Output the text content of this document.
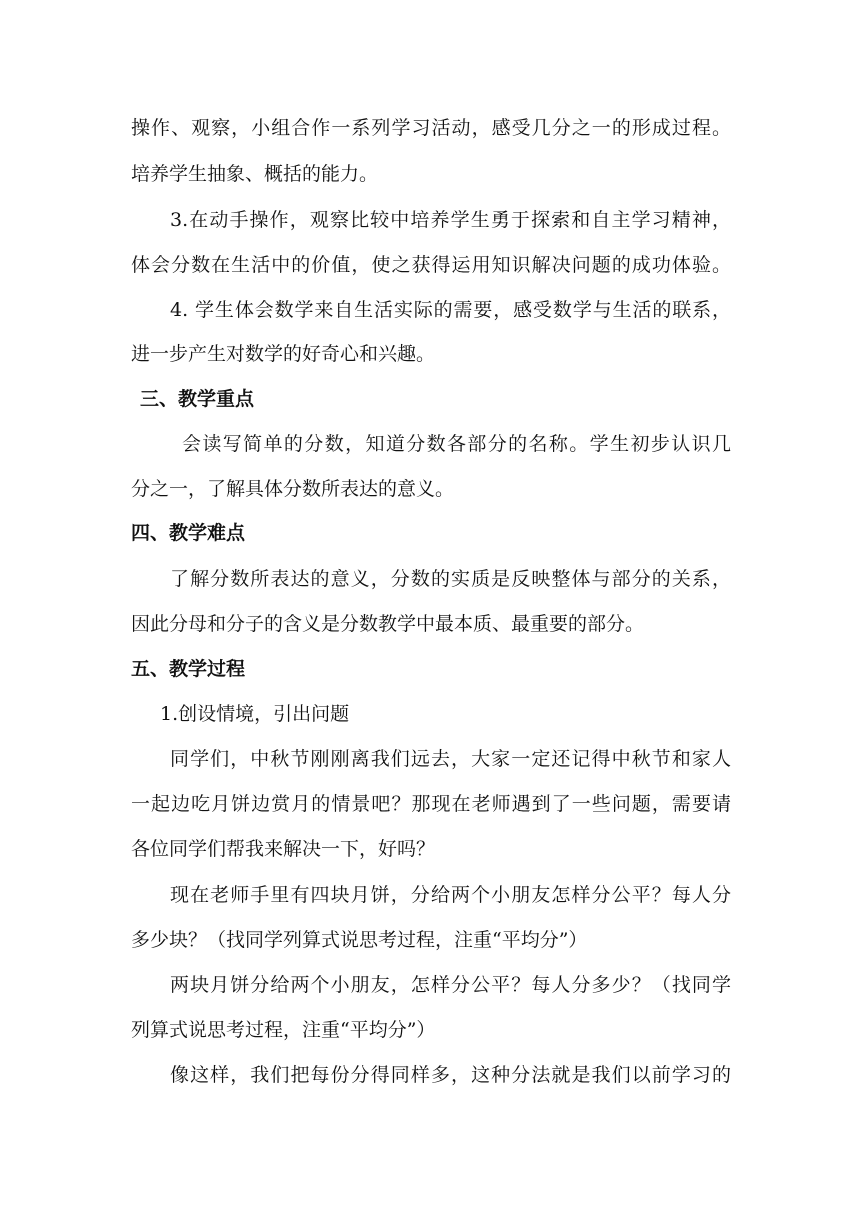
操作、观察，小组合作一系列学习活动，感受几分之一的形成过程。
培养学生抽象、概括的能力。
3.在动手操作，观察比较中培养学生勇于探索和自主学习精神，
体会分数在生活中的价值，使之获得运用知识解决问题的成功体验。
4. 学生体会数学来自生活实际的需要，感受数学与生活的联系，
进一步产生对数学的好奇心和兴趣。
三、教学重点
会读写简单的分数，知道分数各部分的名称。学生初步认识几
分之一，了解具体分数所表达的意义。
四、教学难点
了解分数所表达的意义，分数的实质是反映整体与部分的关系，
因此分母和分子的含义是分数教学中最本质、最重要的部分。
五、教学过程
1.创设情境，引出问题
同学们，中秋节刚刚离我们远去，大家一定还记得中秋节和家人
一起边吃月饼边赏月的情景吧？那现在老师遇到了一些问题，需要请
各位同学们帮我来解决一下，好吗？
现在老师手里有四块月饼，分给两个小朋友怎样分公平？每人分
多少块？（找同学列算式说思考过程，注重“平均分”）
两块月饼分给两个小朋友，怎样分公平？每人分多少？（找同学
列算式说思考过程，注重“平均分”）
像这样，我们把每份分得同样多，这种分法就是我们以前学习的
